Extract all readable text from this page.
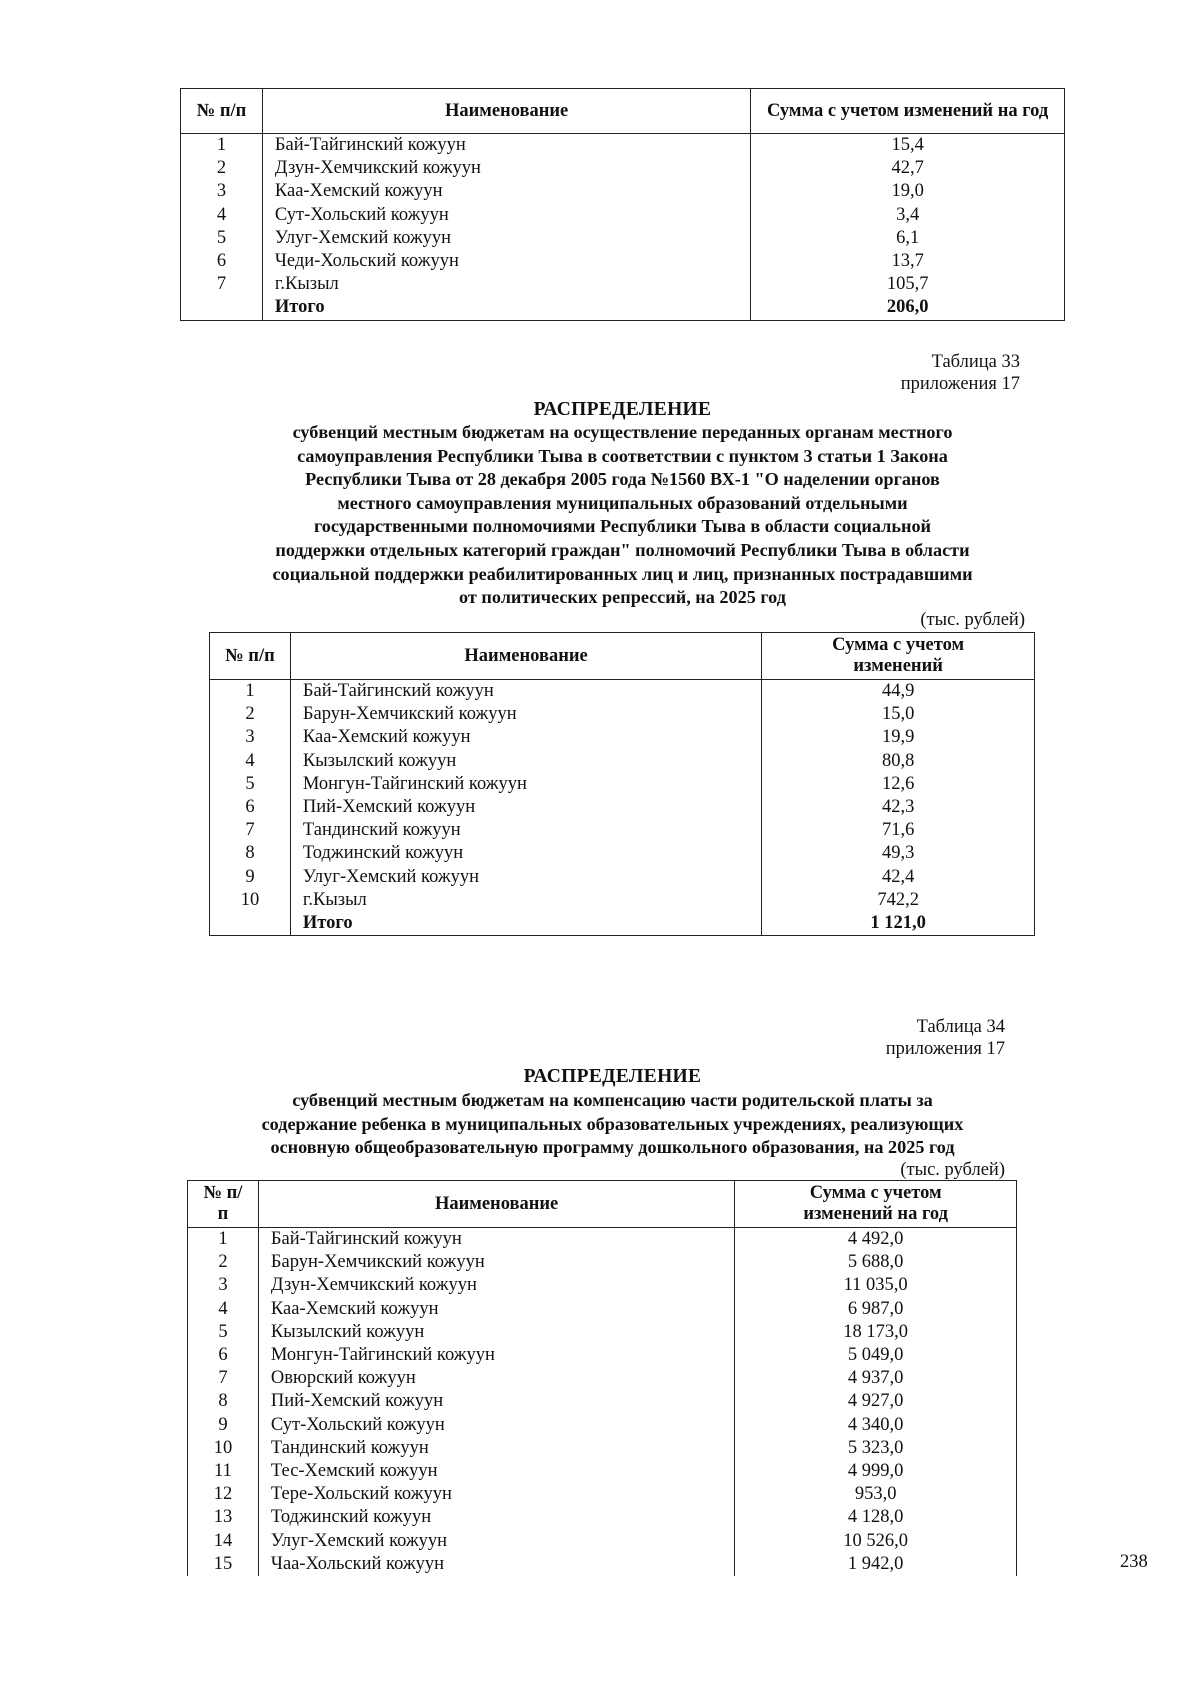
№ п/п	Наименование	Сумма с учетом изменений на год

1	Бай-Тайгинский кожуун	15,4
2	Дзун-Хемчикский кожуун	42,7
3	Каа-Хемский кожуун	19,0
4	Сут-Хольский кожуун	3,4
5	Улуг-Хемский кожуун	6,1
6	Чеди-Хольский кожуун	13,7
7	г.Кызыл	105,7
	Итого	206,0
Таблица 33
приложения 17
РАСПРЕДЕЛЕНИЕ
субвенций местным бюджетам на осуществление переданных органам местного
самоуправления Республики Тыва в соответствии с пунктом 3 статьи 1 Закона
Республики Тыва от 28 декабря 2005 года №1560 ВХ-1 "О наделении органов
местного самоуправления муниципальных образований отдельными
государственными полномочиями Республики Тыва в области социальной
поддержки отдельных категорий граждан" полномочий Республики Тыва в области
социальной поддержки реабилитированных лиц и лиц, признанных пострадавшими
от политических репрессий, на 2025 год
(тыс. рублей)
№ п/п	Наименование	Сумма с учетом изменений

1	Бай-Тайгинский кожуун	44,9
2	Барун-Хемчикский кожуун	15,0
3	Каа-Хемский кожуун	19,9
4	Кызылский кожуун	80,8
5	Монгун-Тайгинский кожуун	12,6
6	Пий-Хемский кожуун	42,3
7	Тандинский кожуун	71,6
8	Тоджинский кожуун	49,3
9	Улуг-Хемский кожуун	42,4
10	г.Кызыл	742,2
	Итого	1 121,0
Таблица 34
приложения 17
РАСПРЕДЕЛЕНИЕ
субвенций местным бюджетам на компенсацию части родительской платы за
содержание ребенка в муниципальных образовательных учреждениях, реализующих
основную общеобразовательную программу дошкольного образования, на 2025 год
(тыс. рублей)
№ п/п	Наименование	Сумма с учетом изменений на год

1	Бай-Тайгинский кожуун	4 492,0
2	Барун-Хемчикский кожуун	5 688,0
3	Дзун-Хемчикский кожуун	11 035,0
4	Каа-Хемский кожуун	6 987,0
5	Кызылский кожуун	18 173,0
6	Монгун-Тайгинский кожуун	5 049,0
7	Овюрский кожуун	4 937,0
8	Пий-Хемский кожуун	4 927,0
9	Сут-Хольский кожуун	4 340,0
10	Тандинский кожуун	5 323,0
11	Тес-Хемский кожуун	4 999,0
12	Тере-Хольский кожуун	953,0
13	Тоджинский кожуун	4 128,0
14	Улуг-Хемский кожуун	10 526,0
15	Чаа-Хольский кожуун	1 942,0	238
